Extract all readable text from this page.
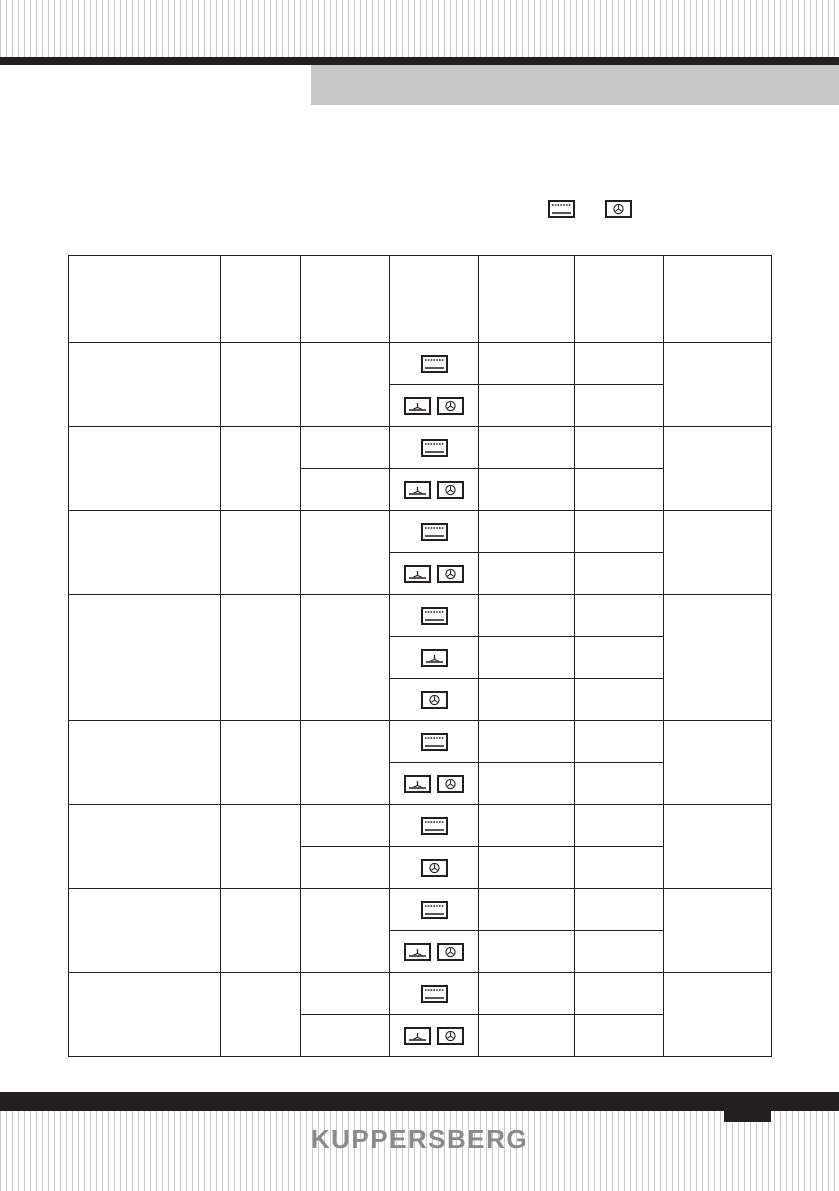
KUPPERSBERG
